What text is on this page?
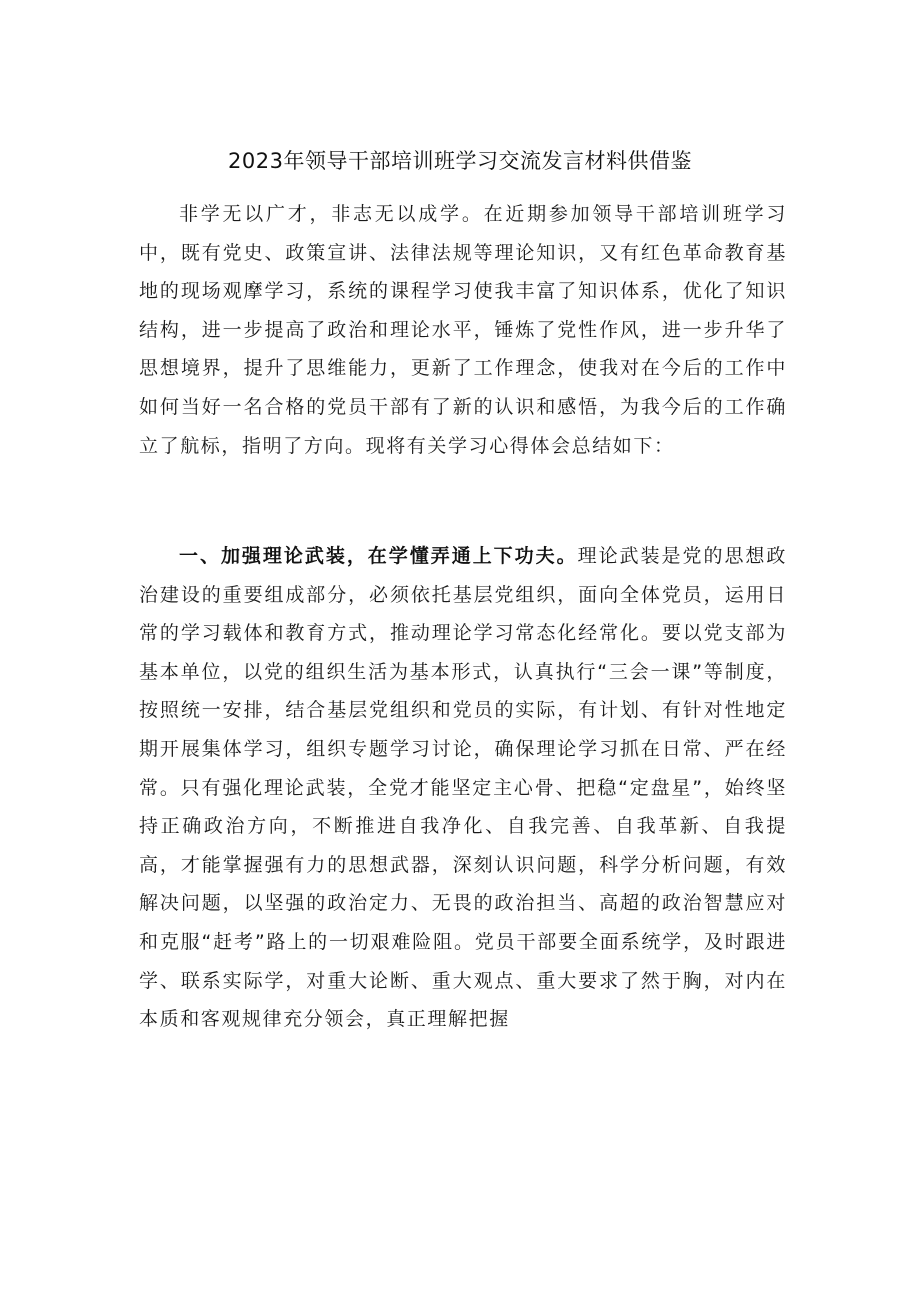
2023年领导干部培训班学习交流发言材料供借鉴

非学无以广才，非志无以成学。在近期参加领导干部培训班学习中，既有党史、政策宣讲、法律法规等理论知识，又有红色革命教育基地的现场观摩学习，系统的课程学习使我丰富了知识体系，优化了知识结构，进一步提高了政治和理论水平，锤炼了党性作风，进一步升华了思想境界，提升了思维能力，更新了工作理念，使我对在今后的工作中如何当好一名合格的党员干部有了新的认识和感悟，为我今后的工作确立了航标，指明了方向。现将有关学习心得体会总结如下：

一、加强理论武装，在学懂弄通上下功夫。理论武装是党的思想政治建设的重要组成部分，必须依托基层党组织，面向全体党员，运用日常的学习载体和教育方式，推动理论学习常态化经常化。要以党支部为基本单位，以党的组织生活为基本形式，认真执行“三会一课”等制度，按照统一安排，结合基层党组织和党员的实际，有计划、有针对性地定期开展集体学习，组织专题学习讨论，确保理论学习抓在日常、严在经常。只有强化理论武装，全党才能坚定主心骨、把稳“定盘星”，始终坚持正确政治方向，不断推进自我净化、自我完善、自我革新、自我提高，才能掌握强有力的思想武器，深刻认识问题，科学分析问题，有效解决问题，以坚强的政治定力、无畏的政治担当、高超的政治智慧应对和克服“赶考”路上的一切艰难险阻。党员干部要全面系统学，及时跟进学、联系实际学，对重大论断、重大观点、重大要求了然于胸，对内在本质和客观规律充分领会，真正理解把握
